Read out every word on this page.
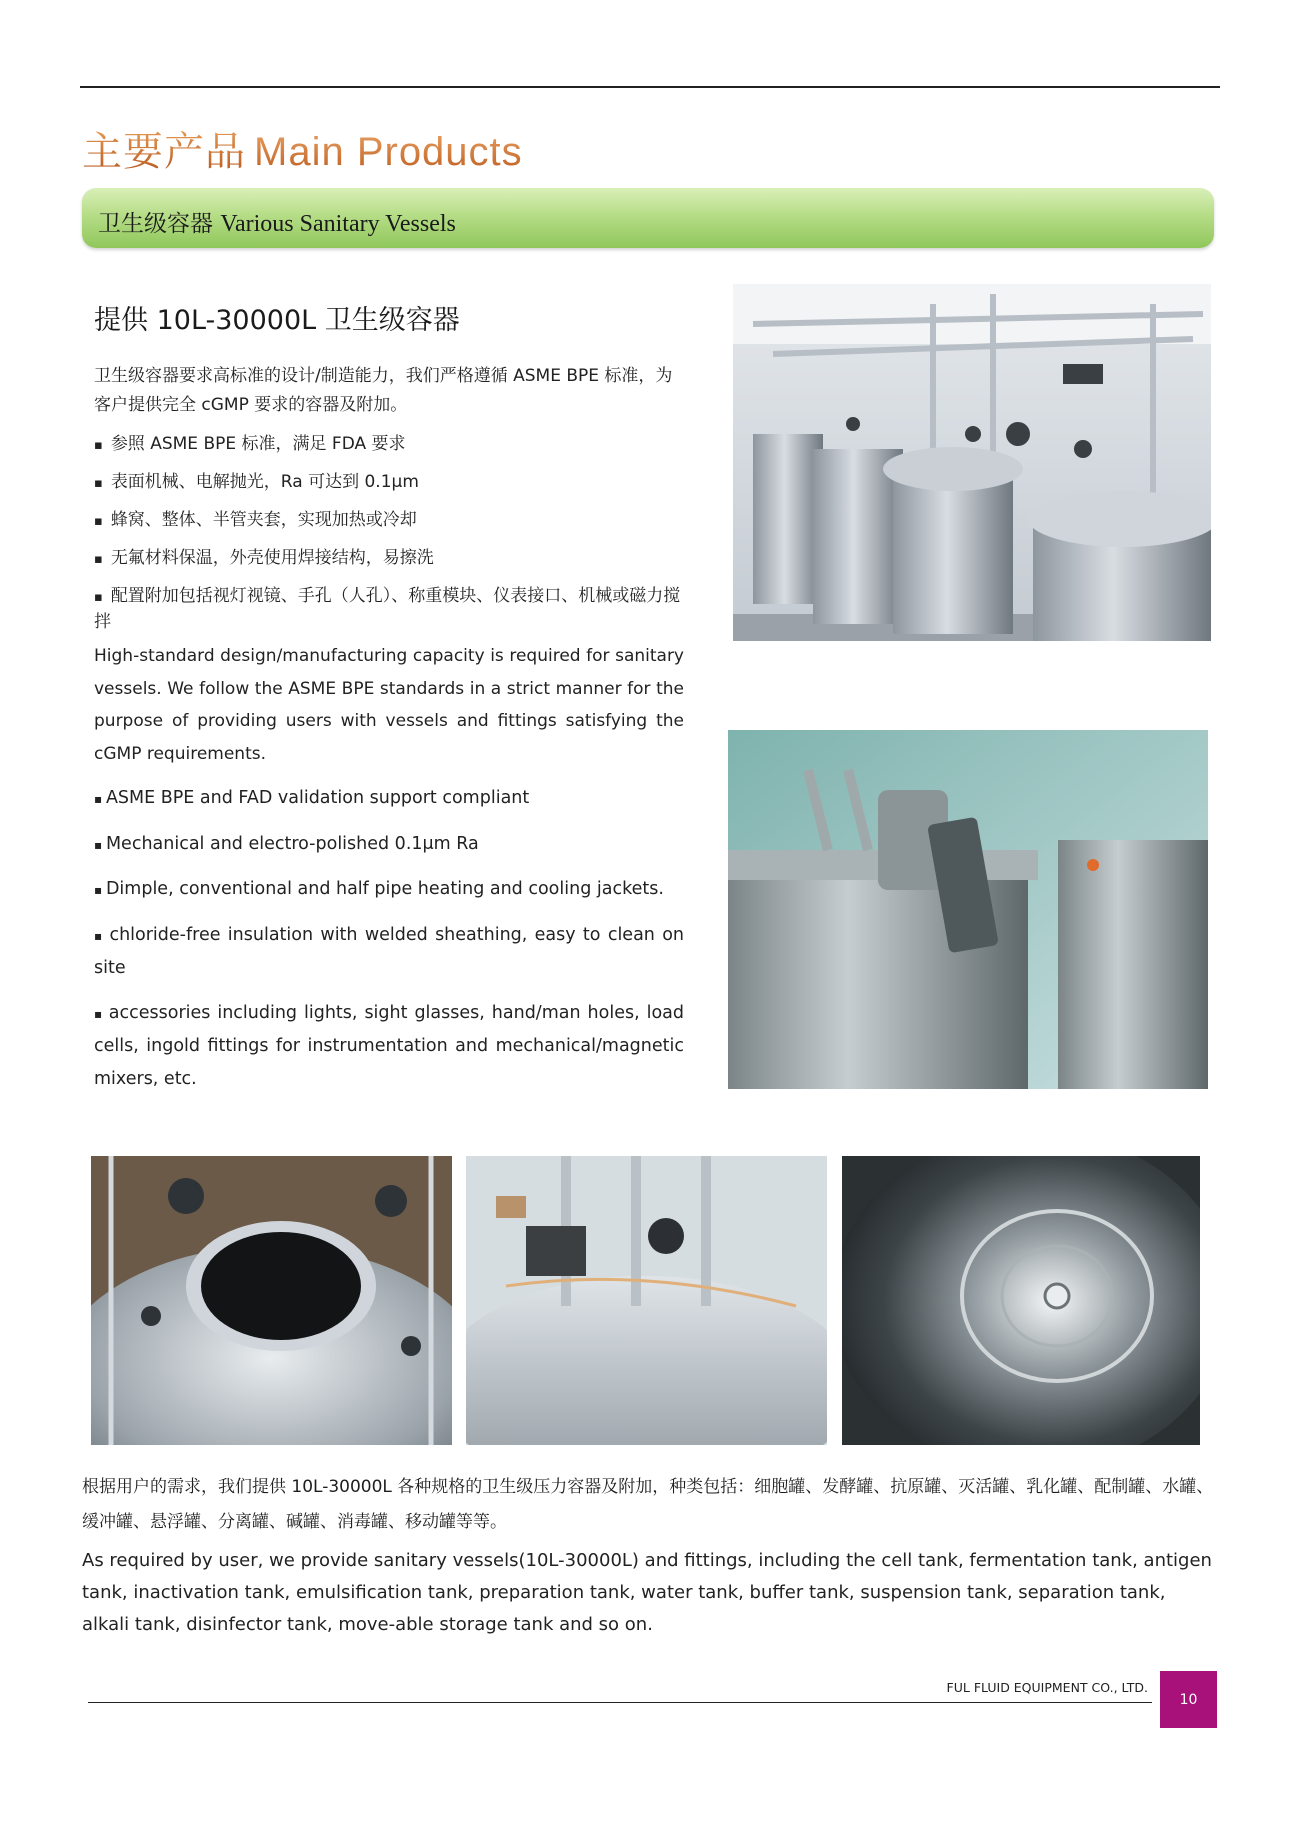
主要产品 Main Products
卫生级容器 Various Sanitary Vessels
提供 10L-30000L 卫生级容器
卫生级容器要求高标准的设计/制造能力，我们严格遵循 ASME BPE 标准，为客户提供完全 cGMP 要求的容器及附加。
▪ 参照 ASME BPE 标准，满足 FDA 要求
▪ 表面机械、电解抛光，Ra 可达到 0.1μm
▪ 蜂窝、整体、半管夹套，实现加热或冷却
▪ 无氟材料保温，外壳使用焊接结构，易擦洗
▪ 配置附加包括视灯视镜、手孔（人孔）、称重模块、仪表接口、机械或磁力搅拌
High-standard design/manufacturing capacity is required for sanitary vessels. We follow the ASME BPE standards in a strict manner for the purpose of providing users with vessels and fittings satisfying the cGMP requirements.
▪ ASME BPE and FAD validation support compliant
▪ Mechanical and electro-polished 0.1μm Ra
▪ Dimple, conventional and half pipe heating and cooling jackets.
▪ chloride-free insulation with welded sheathing, easy to clean on site
▪ accessories including lights, sight glasses, hand/man holes, load cells, ingold fittings for instrumentation and mechanical/magnetic mixers, etc.
根据用户的需求，我们提供 10L-30000L 各种规格的卫生级压力容器及附加，种类包括：细胞罐、发酵罐、抗原罐、灭活罐、乳化罐、配制罐、水罐、缓冲罐、悬浮罐、分离罐、碱罐、消毒罐、移动罐等等。
As required by user, we provide sanitary vessels(10L-30000L) and fittings, including the cell tank, fermentation tank, antigen tank, inactivation tank, emulsification tank, preparation tank, water tank, buffer tank, suspension tank, separation tank, alkali tank, disinfector tank, move-able storage tank and so on.
FUL FLUID EQUIPMENT CO., LTD.
10
